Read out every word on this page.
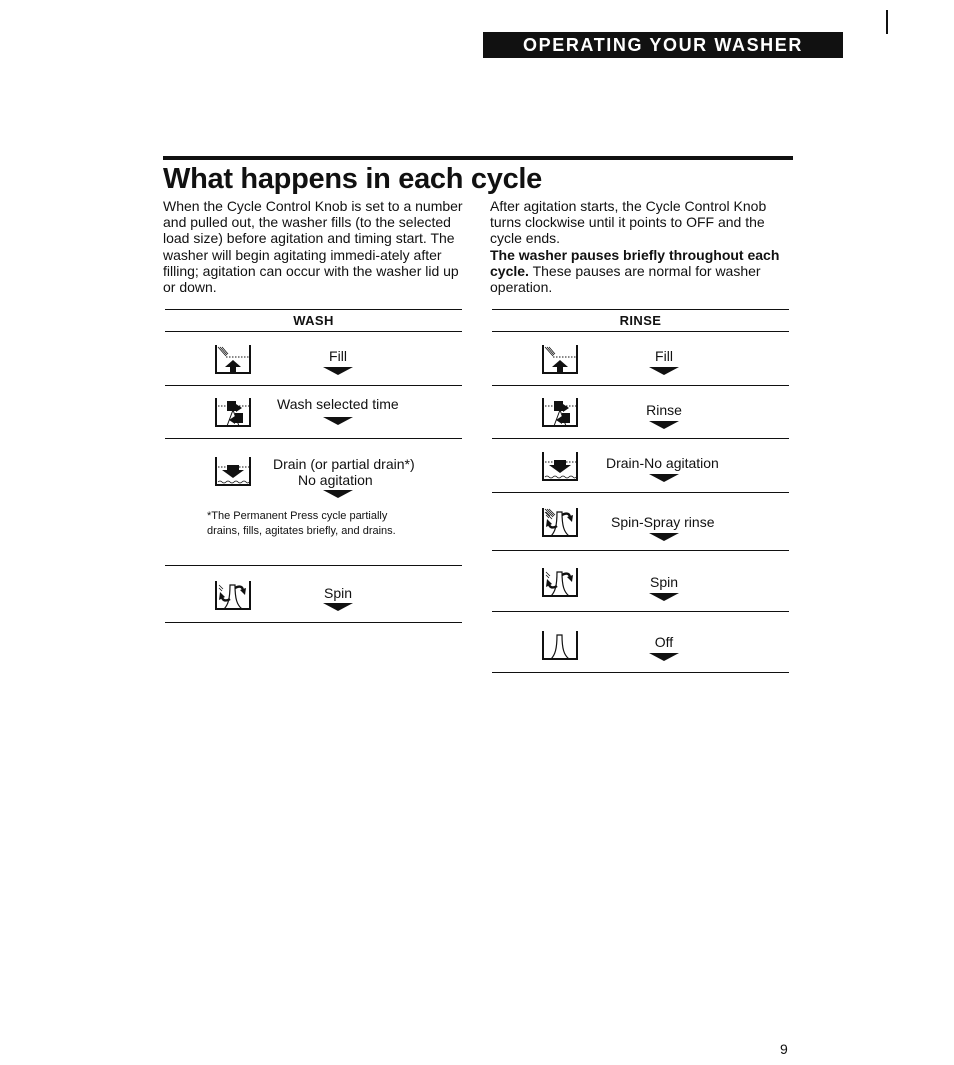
OPERATING YOUR WASHER
What happens in each cycle

When the Cycle Control Knob is set to a number and pulled out, the washer fills (to the selected load size) before agitation and timing start. The washer will begin agitating immedi-ately after filling; agitation can occur with the washer lid up or down.

After agitation starts, the Cycle Control Knob turns clockwise until it points to OFF and the cycle ends.

The washer pauses briefly throughout each cycle. These pauses are normal for washer operation.

WASH
Fill
Wash selected time
Drain (or partial drain*)
No agitation
*The Permanent Press cycle partially
drains, fills, agitates briefly, and drains.
Spin
RINSE
Fill
Rinse
Drain-No agitation
Spin-Spray rinse
Spin
Off
9
